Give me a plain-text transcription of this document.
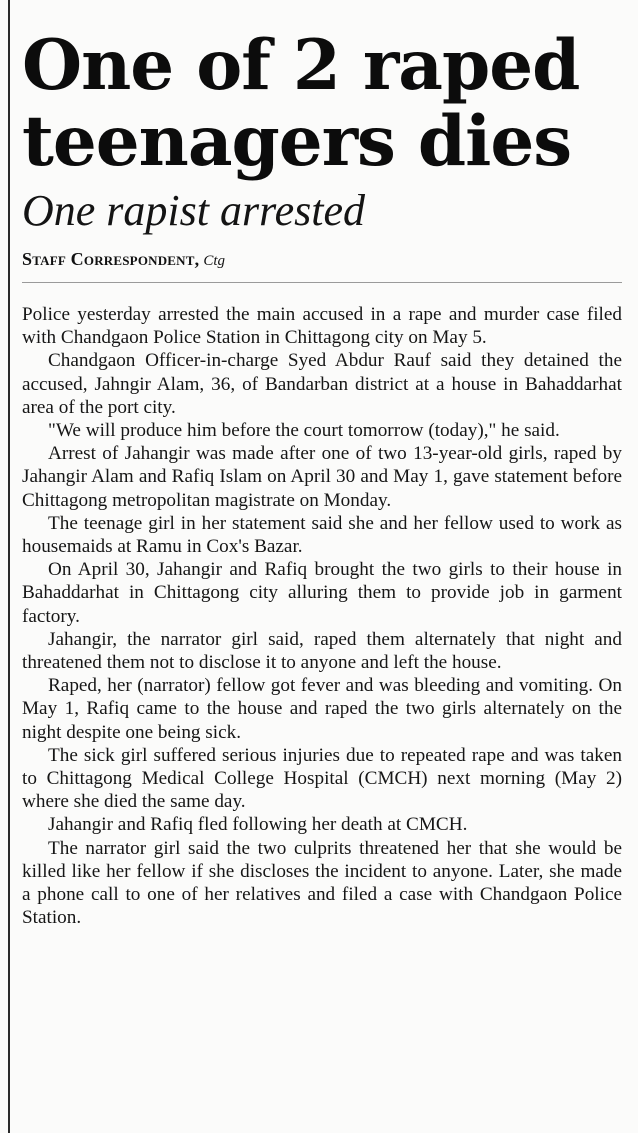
One of 2 raped teenagers dies
One rapist arrested
Staff Correspondent, Ctg

Police yesterday arrested the main accused in a rape and murder case filed with Chandgaon Police Station in Chittagong city on May 5.

Chandgaon Officer-in-charge Syed Abdur Rauf said they detained the accused, Jahngir Alam, 36, of Bandarban district at a house in Bahaddarhat area of the port city.

"We will produce him before the court tomorrow (today)," he said.

Arrest of Jahangir was made after one of two 13-year-old girls, raped by Jahangir Alam and Rafiq Islam on April 30 and May 1, gave statement before Chittagong metropolitan magistrate on Monday.

The teenage girl in her statement said she and her fellow used to work as housemaids at Ramu in Cox's Bazar.

On April 30, Jahangir and Rafiq brought the two girls to their house in Bahaddarhat in Chittagong city alluring them to provide job in garment factory.

Jahangir, the narrator girl said, raped them alternately that night and threatened them not to disclose it to anyone and left the house.

Raped, her (narrator) fellow got fever and was bleeding and vomiting. On May 1, Rafiq came to the house and raped the two girls alternately on the night despite one being sick.

The sick girl suffered serious injuries due to repeated rape and was taken to Chittagong Medical College Hospital (CMCH) next morning (May 2) where she died the same day.

Jahangir and Rafiq fled following her death at CMCH.

The narrator girl said the two culprits threatened her that she would be killed like her fellow if she discloses the incident to anyone. Later, she made a phone call to one of her relatives and filed a case with Chandgaon Police Station.
